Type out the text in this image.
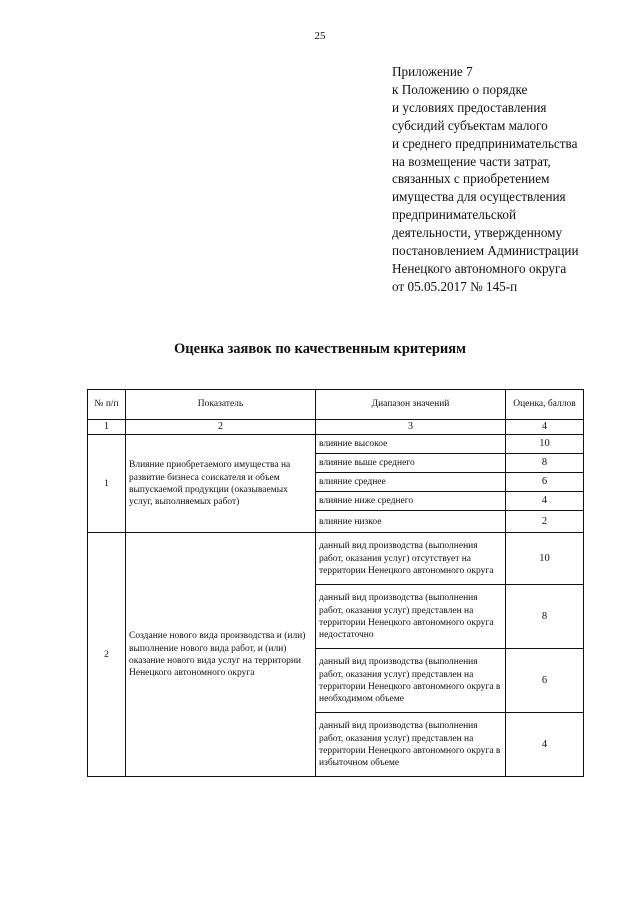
25
Приложение 7
к Положению о порядке
и условиях предоставления
субсидий субъектам малого
и среднего предпринимательства
на возмещение части затрат,
связанных с приобретением
имущества для осуществления
предпринимательской
деятельности, утвержденному
постановлением Администрации
Ненецкого автономного округа
от 05.05.2017 № 145-п
Оценка заявок по качественным критериям
№ п/п	Показатель	Диапазон значений	Оценка, баллов
1	2	3	4
1	Влияние приобретаемого имущества на развитие бизнеса соискателя и объем выпускаемой продукции (оказываемых услуг, выполняемых работ)	влияние высокое	10
		влияние выше среднего	8
		влияние среднее	6
		влияние ниже среднего	4
		влияние низкое	2
2	Создание нового вида производства и (или) выполнение нового вида работ, и (или) оказание нового вида услуг на территории Ненецкого автономного округа	данный вид производства (выполнения работ, оказания услуг) отсутствует на территории Ненецкого автономного округа	10
		данный вид производства (выполнения работ, оказания услуг) представлен на территории Ненецкого автономного округа недостаточно	8
		данный вид производства (выполнения работ, оказания услуг) представлен на территории Ненецкого автономного округа в необходимом объеме	6
		данный вид производства (выполнения работ, оказания услуг) представлен на территории Ненецкого автономного округа в избыточном объеме	4
